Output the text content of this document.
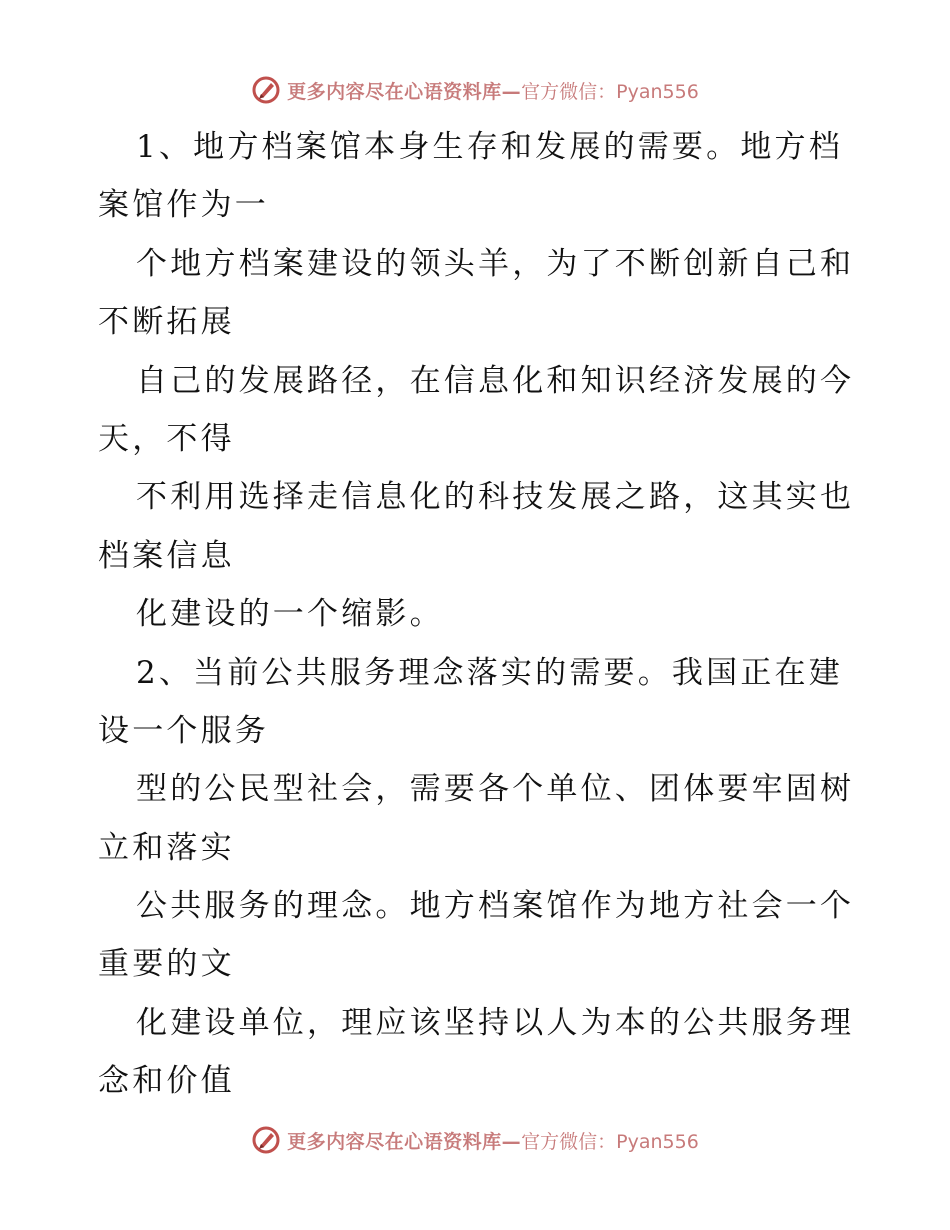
更多内容尽在心语资料库— 官方微信：Pyan556
1、地方档案馆本身生存和发展的需要。地方档
案馆作为一
个地方档案建设的领头羊，为了不断创新自己和
不断拓展
自己的发展路径，在信息化和知识经济发展的今
天，不得
不利用选择走信息化的科技发展之路，这其实也
档案信息
化建设的一个缩影。
2、当前公共服务理念落实的需要。我国正在建
设一个服务
型的公民型社会，需要各个单位、团体要牢固树
立和落实
公共服务的理念。地方档案馆作为地方社会一个
重要的文
化建设单位，理应该坚持以人为本的公共服务理
念和价值
更多内容尽在心语资料库— 官方微信：Pyan556
